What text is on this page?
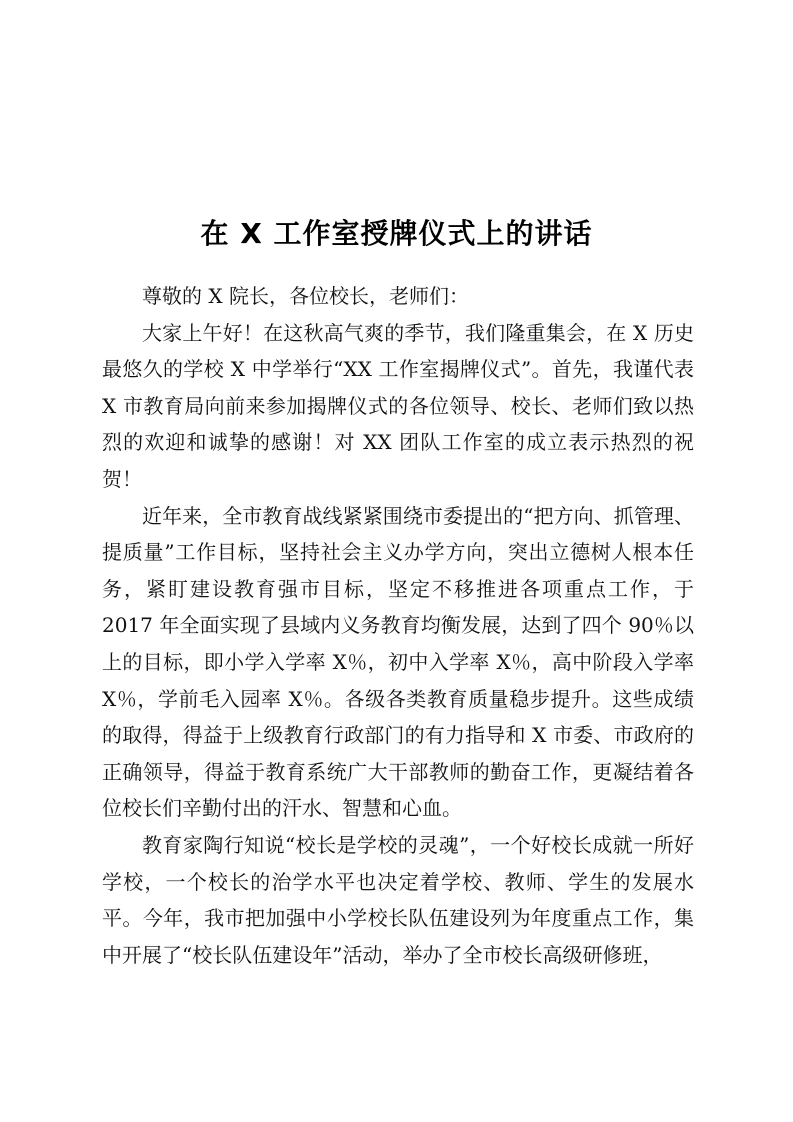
在 X 工作室授牌仪式上的讲话

尊敬的 X 院长，各位校长，老师们：

大家上午好！在这秋高气爽的季节，我们隆重集会，在 X 历史最悠久的学校 X 中学举行“XX 工作室揭牌仪式”。首先，我谨代表 X 市教育局向前来参加揭牌仪式的各位领导、校长、老师们致以热烈的欢迎和诚挚的感谢！对 XX 团队工作室的成立表示热烈的祝贺！

近年来，全市教育战线紧紧围绕市委提出的“把方向、抓管理、提质量”工作目标，坚持社会主义办学方向，突出立德树人根本任务，紧盯建设教育强市目标，坚定不移推进各项重点工作，于 2017 年全面实现了县域内义务教育均衡发展，达到了四个 90％以上的目标，即小学入学率 X％，初中入学率 X％，高中阶段入学率 X％，学前毛入园率 X％。各级各类教育质量稳步提升。这些成绩的取得，得益于上级教育行政部门的有力指导和 X 市委、市政府的正确领导，得益于教育系统广大干部教师的勤奋工作，更凝结着各位校长们辛勤付出的汗水、智慧和心血。

教育家陶行知说“校长是学校的灵魂”，一个好校长成就一所好学校，一个校长的治学水平也决定着学校、教师、学生的发展水平。今年，我市把加强中小学校长队伍建设列为年度重点工作，集中开展了“校长队伍建设年”活动，举办了全市校长高级研修班，
